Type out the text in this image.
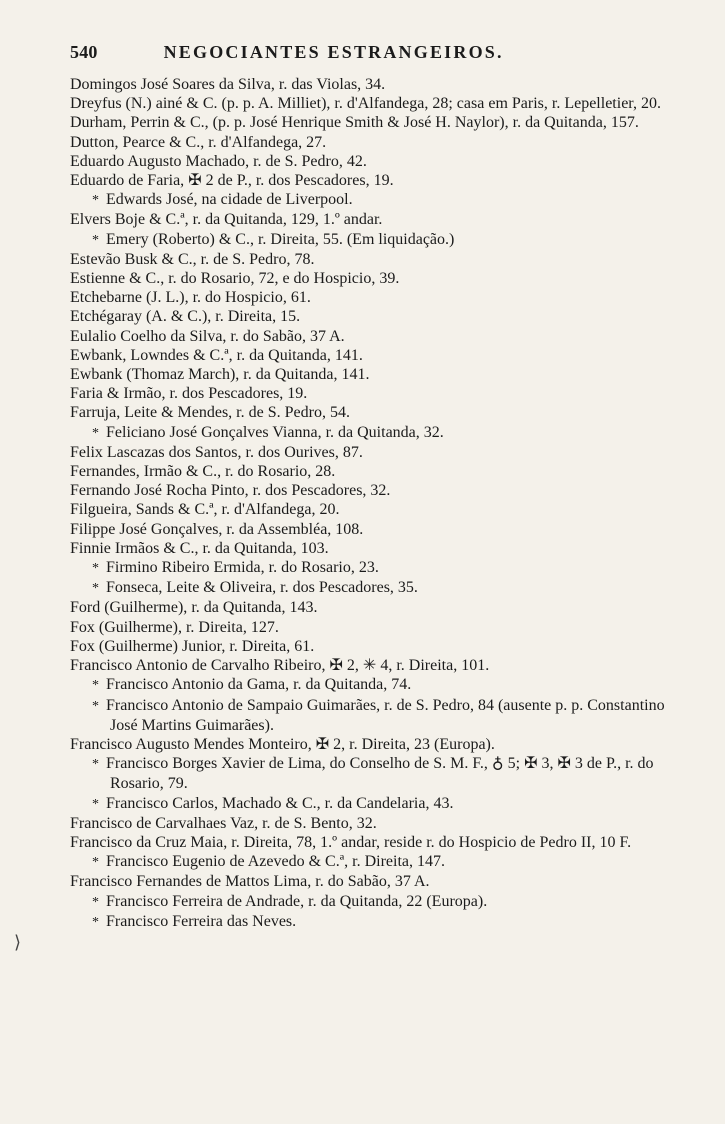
540	NEGOCIANTES ESTRANGEIROS.
Domingos José Soares da Silva, r. das Violas, 34.
Dreyfus (N.) ainé & C. (p. p. A. Milliet), r. d'Alfandega, 28; casa em Paris, r. Lepelletier, 20.
Durham, Perrin & C., (p. p. José Henrique Smith & José H. Naylor), r. da Quitanda, 157.
Dutton, Pearce & C., r. d'Alfandega, 27.
Eduardo Augusto Machado, r. de S. Pedro, 42.
Eduardo de Faria, ✠ 2 de P., r. dos Pescadores, 19.
* Edwards José, na cidade de Liverpool.
Elvers Boje & C.ª, r. da Quitanda, 129, 1.º andar.
* Emery (Roberto) & C., r. Direita, 55. (Em liquidação.)
Estevão Busk & C., r. de S. Pedro, 78.
Estienne & C., r. do Rosario, 72, e do Hospicio, 39.
Etchebarne (J. L.), r. do Hospicio, 61.
Etchégaray (A. & C.), r. Direita, 15.
Eulalio Coelho da Silva, r. do Sabão, 37 A.
Ewbank, Lowndes & C.ª, r. da Quitanda, 141.
Ewbank (Thomaz March), r. da Quitanda, 141.
Faria & Irmão, r. dos Pescadores, 19.
Farruja, Leite & Mendes, r. de S. Pedro, 54.
* Feliciano José Gonçalves Vianna, r. da Quitanda, 32.
Felix Lascazas dos Santos, r. dos Ourives, 87.
Fernandes, Irmão & C., r. do Rosario, 28.
Fernando José Rocha Pinto, r. dos Pescadores, 32.
Filgueira, Sands & C.ª, r. d'Alfandega, 20.
Filippe José Gonçalves, r. da Assembléa, 108.
Finnie Irmãos & C., r. da Quitanda, 103.
* Firmino Ribeiro Ermida, r. do Rosario, 23.
* Fonseca, Leite & Oliveira, r. dos Pescadores, 35.
Ford (Guilherme), r. da Quitanda, 143.
Fox (Guilherme), r. Direita, 127.
Fox (Guilherme) Junior, r. Direita, 61.
Francisco Antonio de Carvalho Ribeiro, ✠ 2, ✳ 4, r. Direita, 101.
* Francisco Antonio da Gama, r. da Quitanda, 74.
* Francisco Antonio de Sampaio Guimarães, r. de S. Pedro, 84 (ausente p. p. Constantino José Martins Guimarães).
Francisco Augusto Mendes Monteiro, ✠ 2, r. Direita, 23 (Europa).
* Francisco Borges Xavier de Lima, do Conselho de S. M. F., ♁ 5; ✠ 3, ✠ 3 de P., r. do Rosario, 79.
* Francisco Carlos, Machado & C., r. da Candelaria, 43.
Francisco de Carvalhaes Vaz, r. de S. Bento, 32.
Francisco da Cruz Maia, r. Direita, 78, 1.º andar, reside r. do Hospicio de Pedro II, 10 F.
* Francisco Eugenio de Azevedo & C.ª, r. Direita, 147.
Francisco Fernandes de Mattos Lima, r. do Sabão, 37 A.
* Francisco Ferreira de Andrade, r. da Quitanda, 22 (Europa).
* Francisco Ferreira das Neves.
⟩
